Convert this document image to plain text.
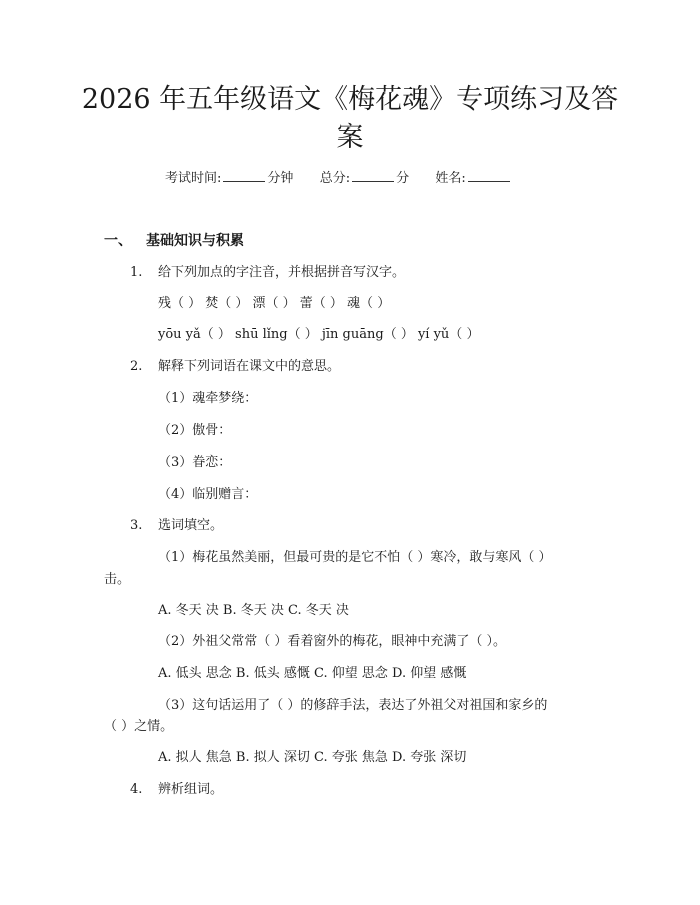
2026 年五年级语文《梅花魂》专项练习及答
案
考试时间:	分钟 总分:	分 姓名:
一、 基础知识与积累
1. 给下列加点的字注音，并根据拼音写汉字。
残（ ） 焚（ ） 漂（ ） 蕾（ ） 魂（ ）
yōu yǎ（ ） shū lǐng（ ） jīn guāng（ ） yí yǔ（ ）
2. 解释下列词语在课文中的意思。
（1）魂牵梦绕：
（2）傲骨：
（3）眷恋：
（4）临别赠言：
3. 选词填空。
（1）梅花虽然美丽，但最可贵的是它不怕（ ）寒冷，敢与寒风（ ）
击。
A. 冬天 决 B. 冬天 决 C. 冬天 决
（2）外祖父常常（ ）看着窗外的梅花，眼神中充满了（ ）。
A. 低头 思念 B. 低头 感慨 C. 仰望 思念 D. 仰望 感慨
（3）这句话运用了（ ）的修辞手法，表达了外祖父对祖国和家乡的
（ ）之情。
A. 拟人 焦急 B. 拟人 深切 C. 夸张 焦急 D. 夸张 深切
4. 辨析组词。
